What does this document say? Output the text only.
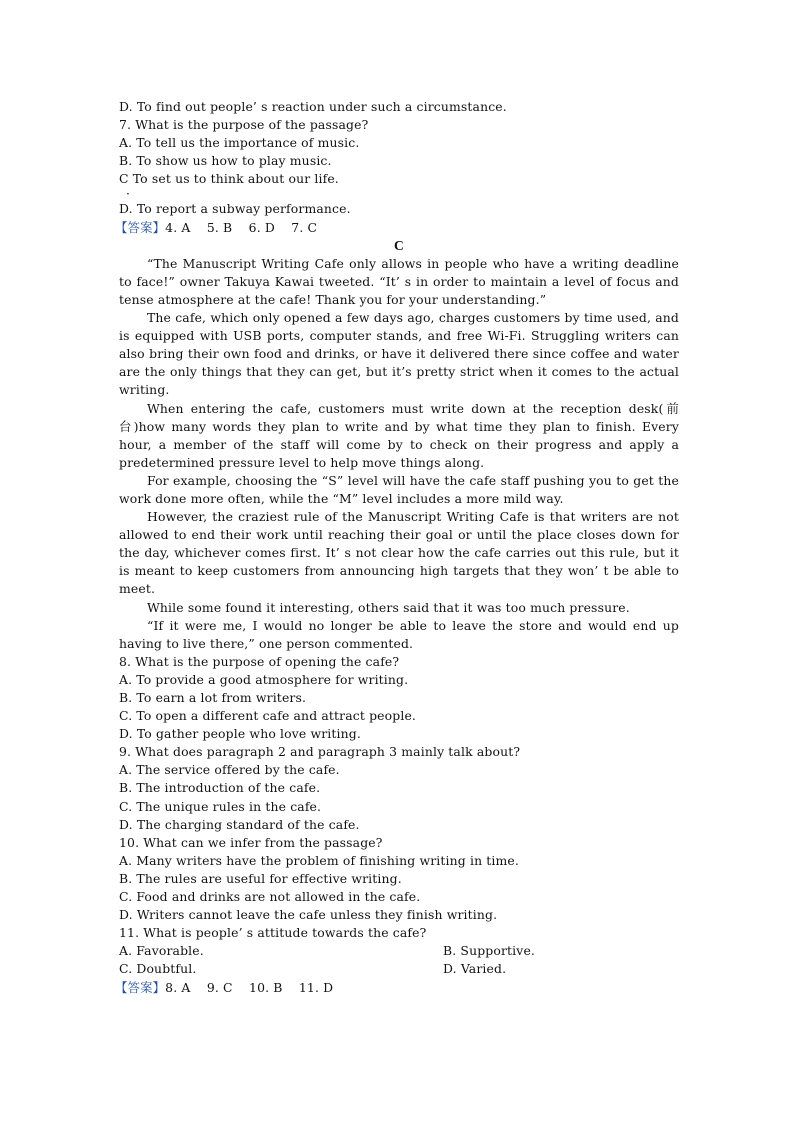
D. To find out people’ s reaction under such a circumstance.
7. What is the purpose of the passage?
A. To tell us the importance of music.
B. To show us how to play music.
C To set us to think about our life.
·
D. To report a subway performance.
【答案】4. A    5. B    6. D    7. C
C
“The Manuscript Writing Cafe only allows in people who have a writing deadline to face!” owner Takuya Kawai tweeted. “It’ s in order to maintain a level of focus and tense atmosphere at the cafe! Thank you for your understanding.”
The cafe, which only opened a few days ago, charges customers by time used, and is equipped with USB ports, computer stands, and free Wi-Fi. Struggling writers can also bring their own food and drinks, or have it delivered there since coffee and water are the only things that they can get, but it’s pretty strict when it comes to the actual writing.
When entering the cafe, customers must write down at the reception desk(前台)how many words they plan to write and by what time they plan to finish. Every hour, a member of the staff will come by to check on their progress and apply a predetermined pressure level to help move things along.
For example, choosing the “S” level will have the cafe staff pushing you to get the work done more often, while the “M” level includes a more mild way.
However, the craziest rule of the Manuscript Writing Cafe is that writers are not allowed to end their work until reaching their goal or until the place closes down for the day, whichever comes first. It’ s not clear how the cafe carries out this rule, but it is meant to keep customers from announcing high targets that they won’ t be able to meet.
While some found it interesting, others said that it was too much pressure.
“If it were me, I would no longer be able to leave the store and would end up having to live there,” one person commented.
8. What is the purpose of opening the cafe?
A. To provide a good atmosphere for writing.
B. To earn a lot from writers.
C. To open a different cafe and attract people.
D. To gather people who love writing.
9. What does paragraph 2 and paragraph 3 mainly talk about?
A. The service offered by the cafe.
B. The introduction of the cafe.
C. The unique rules in the cafe.
D. The charging standard of the cafe.
10. What can we infer from the passage?
A. Many writers have the problem of finishing writing in time.
B. The rules are useful for effective writing.
C. Food and drinks are not allowed in the cafe.
D. Writers cannot leave the cafe unless they finish writing.
11. What is people’ s attitude towards the cafe?
A. Favorable.	B. Supportive.
C. Doubtful.	D. Varied.
【答案】8. A    9. C    10. B    11. D
